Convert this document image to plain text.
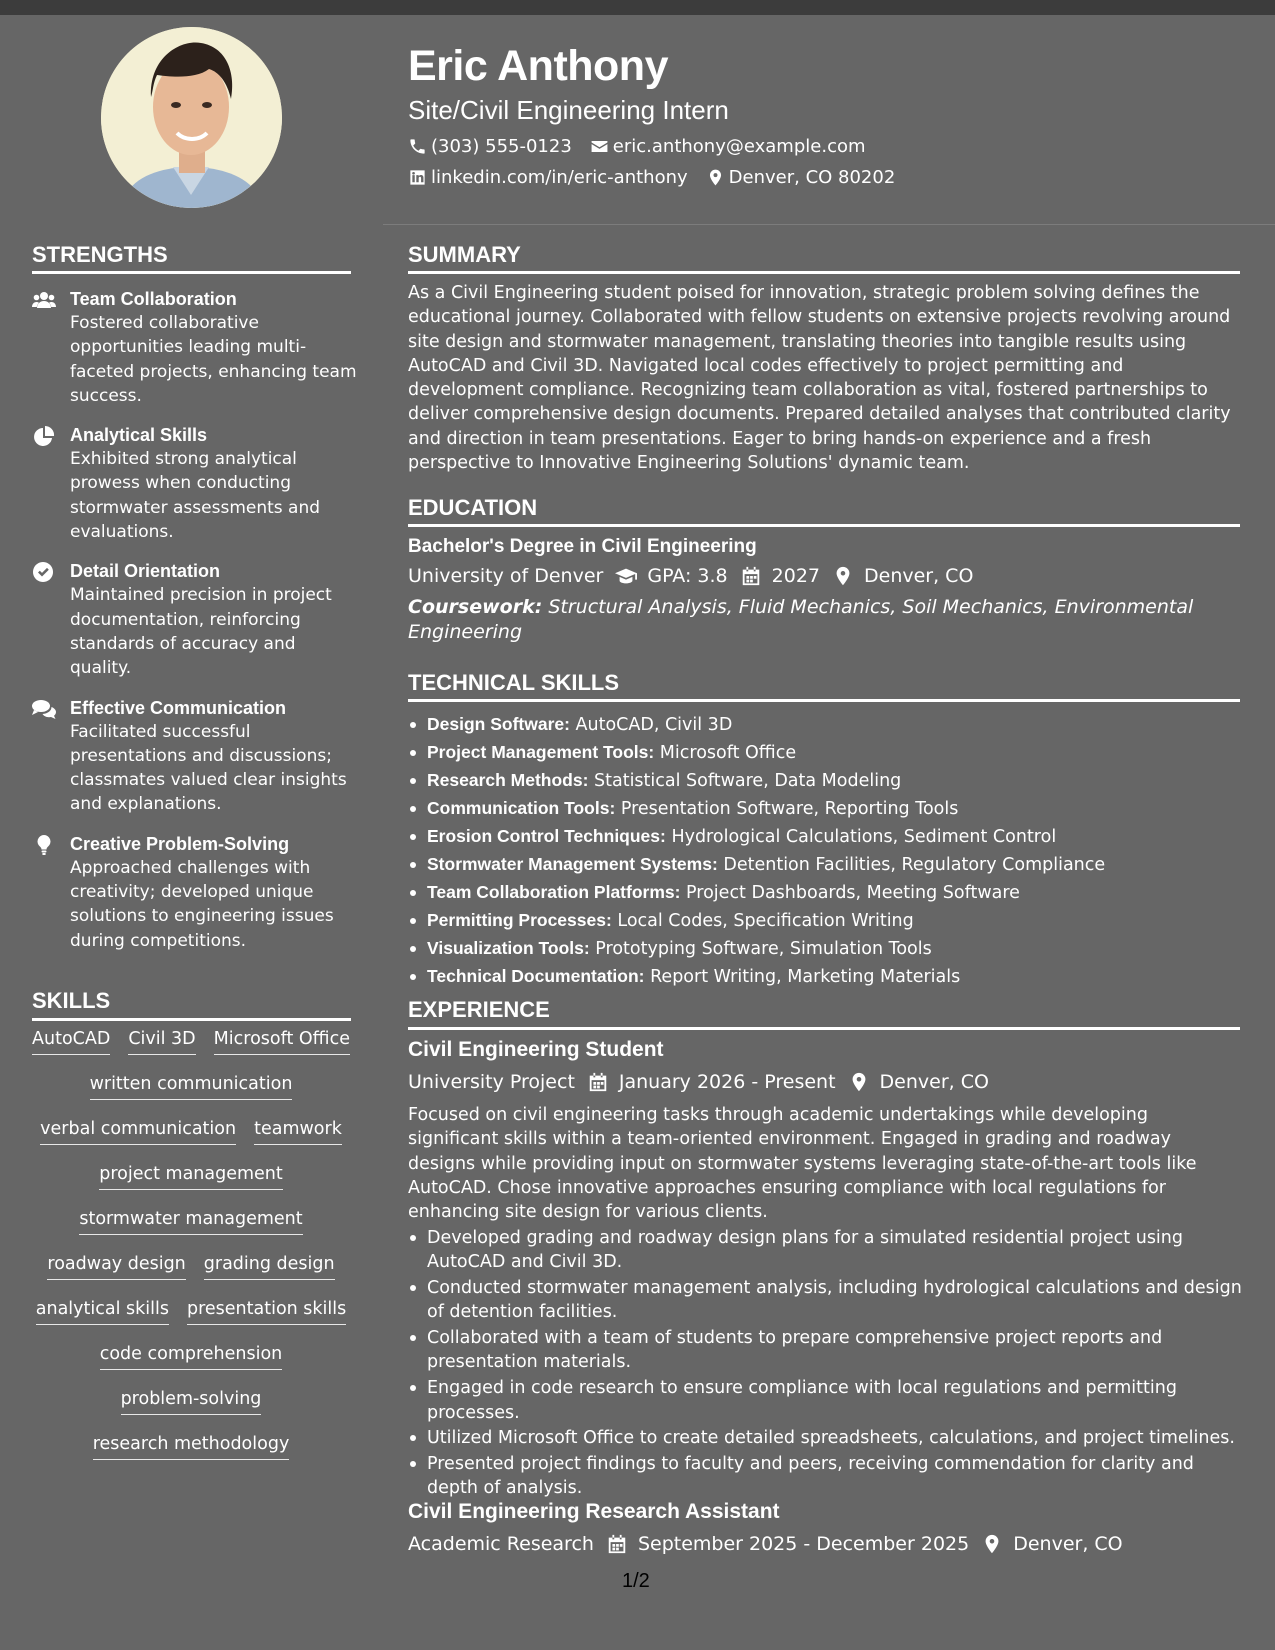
Eric Anthony
Site/Civil Engineering Intern
(303) 555-0123 eric.anthony@example.com
linkedin.com/in/eric-anthony Denver, CO 80202
STRENGTHS
Team Collaboration
Fostered collaborative opportunities leading multi-faceted projects, enhancing team success.
Analytical Skills
Exhibited strong analytical prowess when conducting stormwater assessments and evaluations.
Detail Orientation
Maintained precision in project documentation, reinforcing standards of accuracy and quality.
Effective Communication
Facilitated successful presentations and discussions; classmates valued clear insights and explanations.
Creative Problem-Solving
Approached challenges with creativity; developed unique solutions to engineering issues during competitions.
SKILLS
AutoCAD Civil 3D Microsoft Office
written communication
verbal communication teamwork
project management
stormwater management
roadway design grading design
analytical skills presentation skills
code comprehension
problem-solving
research methodology
SUMMARY
As a Civil Engineering student poised for innovation, strategic problem solving defines the educational journey. Collaborated with fellow students on extensive projects revolving around site design and stormwater management, translating theories into tangible results using AutoCAD and Civil 3D. Navigated local codes effectively to project permitting and development compliance. Recognizing team collaboration as vital, fostered partnerships to deliver comprehensive design documents. Prepared detailed analyses that contributed clarity and direction in team presentations. Eager to bring hands-on experience and a fresh perspective to Innovative Engineering Solutions' dynamic team.
EDUCATION
Bachelor's Degree in Civil Engineering
University of Denver GPA: 3.8 2027 Denver, CO
Coursework: Structural Analysis, Fluid Mechanics, Soil Mechanics, Environmental Engineering
TECHNICAL SKILLS
Design Software: AutoCAD, Civil 3D
Project Management Tools: Microsoft Office
Research Methods: Statistical Software, Data Modeling
Communication Tools: Presentation Software, Reporting Tools
Erosion Control Techniques: Hydrological Calculations, Sediment Control
Stormwater Management Systems: Detention Facilities, Regulatory Compliance
Team Collaboration Platforms: Project Dashboards, Meeting Software
Permitting Processes: Local Codes, Specification Writing
Visualization Tools: Prototyping Software, Simulation Tools
Technical Documentation: Report Writing, Marketing Materials
EXPERIENCE
Civil Engineering Student
University Project January 2026 - Present Denver, CO
Focused on civil engineering tasks through academic undertakings while developing significant skills within a team-oriented environment. Engaged in grading and roadway designs while providing input on stormwater systems leveraging state-of-the-art tools like AutoCAD. Chose innovative approaches ensuring compliance with local regulations for enhancing site design for various clients.
Developed grading and roadway design plans for a simulated residential project using AutoCAD and Civil 3D.
Conducted stormwater management analysis, including hydrological calculations and design of detention facilities.
Collaborated with a team of students to prepare comprehensive project reports and presentation materials.
Engaged in code research to ensure compliance with local regulations and permitting processes.
Utilized Microsoft Office to create detailed spreadsheets, calculations, and project timelines.
Presented project findings to faculty and peers, receiving commendation for clarity and depth of analysis.
Civil Engineering Research Assistant
Academic Research September 2025 - December 2025 Denver, CO
1/2
